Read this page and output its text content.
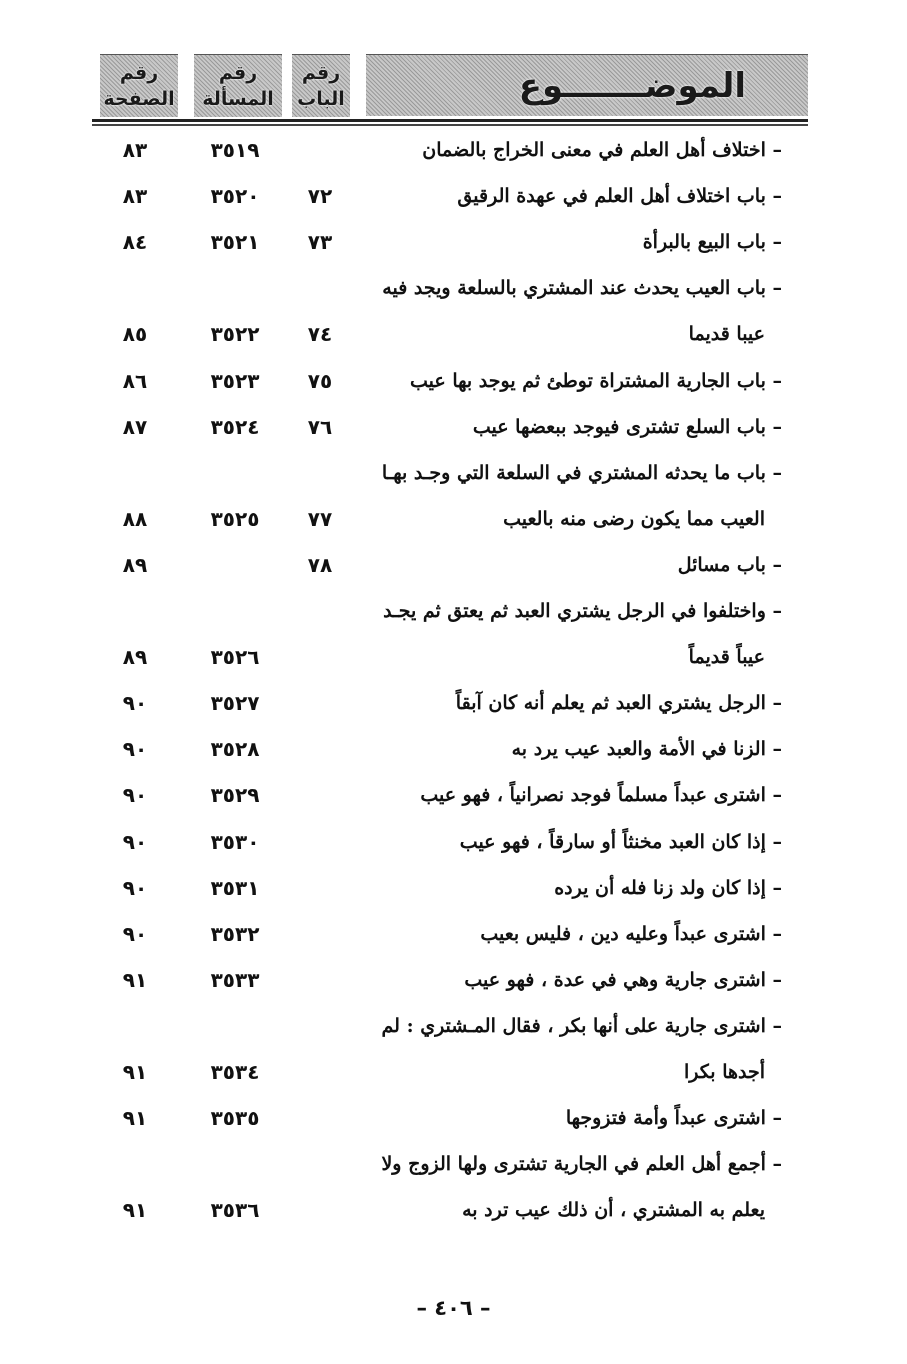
رقم
الصفحة
رقم
المسألة
رقم
الباب	الموضـــــــوع
– اختلاف أهل العلم في معنى الخراج بالضمان
٣٥١٩
٨٣
– باب اختلاف أهل العلم في عهدة الرقيق
٧٢
٣٥٢٠
٨٣
– باب البيع بالبرأة
٧٣
٣٥٢١
٨٤
– باب العيب يحدث عند المشتري بالسلعة ويجد فيه
عيبا قديما
٧٤
٣٥٢٢
٨٥
– باب الجارية المشتراة توطئ ثم يوجد بها عيب
٧٥
٣٥٢٣
٨٦
– باب السلع تشترى فيوجد ببعضها عيب
٧٦
٣٥٢٤
٨٧
– باب ما يحدثه المشتري في السلعة التي وجـد بهـا
العيب مما يكون رضى منه بالعيب
٧٧
٣٥٢٥
٨٨
– باب مسائل
٧٨
٨٩
– واختلفوا في الرجل يشتري العبد ثم يعتق ثم يجـد
عيباً قديماً
٣٥٢٦
٨٩
– الرجل يشتري العبد ثم يعلم أنه كان آبقاً
٣٥٢٧
٩٠
– الزنا في الأمة والعبد عيب يرد به
٣٥٢٨
٩٠
– اشترى عبداً مسلماً فوجد نصرانياً ، فهو عيب
٣٥٢٩
٩٠
– إذا كان العبد مخنثاً أو سارقاً ، فهو عيب
٣٥٣٠
٩٠
– إذا كان ولد زنا فله أن يرده
٣٥٣١
٩٠
– اشترى عبداً وعليه دين ، فليس بعيب
٣٥٣٢
٩٠
– اشترى جارية وهي في عدة ، فهو عيب
٣٥٣٣
٩١
– اشترى جارية على أنها بكر ، فقال المـشتري : لم
أجدها بكرا
٣٥٣٤
٩١
– اشترى عبداً وأمة فتزوجها
٣٥٣٥
٩١
– أجمع أهل العلم في الجارية تشترى ولها الزوج ولا
يعلم به المشتري ، أن ذلك عيب ترد به
٣٥٣٦
٩١
– ٤٠٦ –
